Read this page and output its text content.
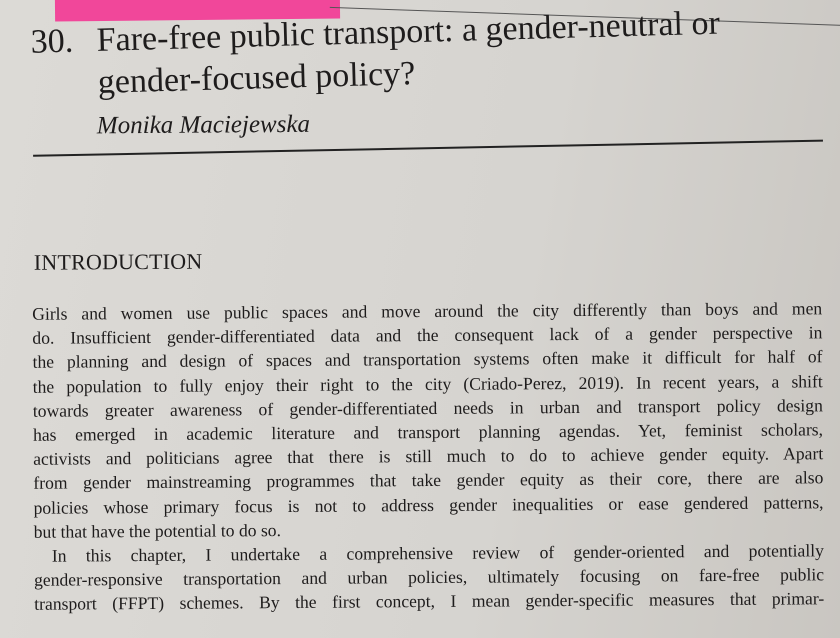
30. Fare-free public transport: a gender-neutral or
gender-focused policy?
Monika Maciejewska
INTRODUCTION
Girls and women use public spaces and move around the city differently than boys and men
do. Insufficient gender-differentiated data and the consequent lack of a gender perspective in
the planning and design of spaces and transportation systems often make it difficult for half of
the population to fully enjoy their right to the city (Criado-Perez, 2019). In recent years, a shift
towards greater awareness of gender-differentiated needs in urban and transport policy design
has emerged in academic literature and transport planning agendas. Yet, feminist scholars,
activists and politicians agree that there is still much to do to achieve gender equity. Apart
from gender mainstreaming programmes that take gender equity as their core, there are also
policies whose primary focus is not to address gender inequalities or ease gendered patterns,
but that have the potential to do so.
In this chapter, I undertake a comprehensive review of gender-oriented and potentially
gender-responsive transportation and urban policies, ultimately focusing on fare-free public
transport (FFPT) schemes. By the first concept, I mean gender-specific measures that primar-
